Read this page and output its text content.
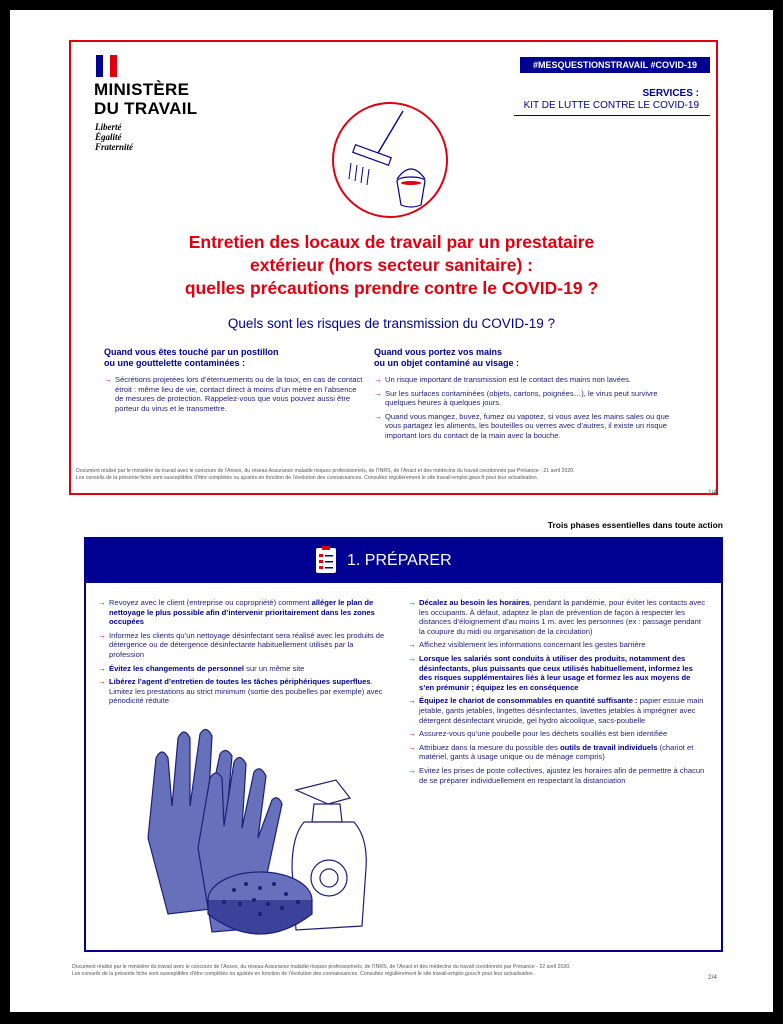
MINISTÈRE
DU TRAVAIL
Liberté
Égalité
Fraternité
#MESQUESTIONSTRAVAIL #COVID-19
SERVICES :
KIT DE LUTTE CONTRE LE COVID-19
Entretien des locaux de travail par un prestataire
extérieur (hors secteur sanitaire) :
quelles précautions prendre contre le COVID-19 ?
Quels sont les risques de transmission du COVID-19 ?
Quand vous êtes touché par un postillon
ou une gouttelette contaminées :
→ Sécrétions projetées lors d’éternuements ou de la toux, en cas de contact étroit : même lieu de vie, contact direct à moins d’un mètre en l’absence de mesures de protection. Rappelez-vous que vous pouvez aussi être porteur du virus et le transmettre.
Quand vous portez vos mains
ou un objet contaminé au visage :
→ Un risque important de transmission est le contact des mains non lavées.
→ Sur les surfaces contaminées (objets, cartons, poignées…), le virus peut survivre quelques heures à quelques jours.
→ Quand vous mangez, buvez, fumez ou vapotez, si vous avez les mains sales ou que vous partagez les aliments, les bouteilles ou verres avec d’autres, il existe un risque important lors du contact de la main avec la bouche.
Document réalisé par le ministère du travail avec le concours de l’Anses, du réseau Assurance maladie risques professionnels, de l’INRS, de l’Anact et des médecins du travail coordonnés par Présance - 21 avril 2020.
Les conseils de la présente fiche sont susceptibles d’être complétés ou ajustés en fonction de l’évolution des connaissances. Consultez régulièrement le site travail-emploi.gouv.fr pour leur actualisation.
1/4
Trois phases essentielles dans toute action
1. PRÉPARER
→ Revoyez avec le client (entreprise ou copropriété) comment alléger le plan de nettoyage le plus possible afin d’intervenir prioritairement dans les zones occupées
→ Informez les clients qu’un nettoyage désinfectant sera réalisé avec les produits de détergence ou de détergence désinfectante habituellement utilisés par la profession
→ Évitez les changements de personnel sur un même site
→ Libérez l’agent d’entretien de toutes les tâches périphériques superflues. Limitez les prestations au strict minimum (sortie des poubelles par exemple) avec périodicité réduite
→ Décalez au besoin les horaires, pendant la pandémie, pour éviter les contacts avec les occupants. À défaut, adaptez le plan de prévention de façon à respecter les distances d’éloignement d’au moins 1 m. avec les personnes (ex : passage pendant la coupure du midi ou organisation de la circulation)
→ Affichez visiblement les informations concernant les gestes barrière
→ Lorsque les salariés sont conduits à utiliser des produits, notamment des désinfectants, plus puissants que ceux utilisés habituellement, informez les des risques supplémentaires liés à leur usage et formez les aux moyens de s’en prémunir ; équipez les en conséquence
→ Équipez le chariot de consommables en quantité suffisante : papier essuie main jetable, gants jetables, lingettes désinfectantes, lavettes jetables à imprégner avec détergent désinfectant virucide, gel hydro alcoolique, sacs-poubelle
→ Assurez-vous qu’une poubelle pour les déchets souillés est bien identifiée
→ Attribuez dans la mesure du possible des outils de travail individuels (chariot et matériel, gants à usage unique ou de ménage compris)
→ Evitez les prises de poste collectives, ajustez les horaires afin de permettre à chacun de se préparer individuellement en respectant la distanciation
Document réalisé par le ministère du travail avec le concours de l’Anses, du réseau Assurance maladie risques professionnels, de l’INRS, de l’Anact et des médecins du travail coordonnés par Présance - 22 avril 2020.
Les conseils de la présente fiche sont susceptibles d’être complétés ou ajustés en fonction de l’évolution des connaissances. Consultez régulièrement le site travail-emploi.gouv.fr pour leur actualisation.	2/4
